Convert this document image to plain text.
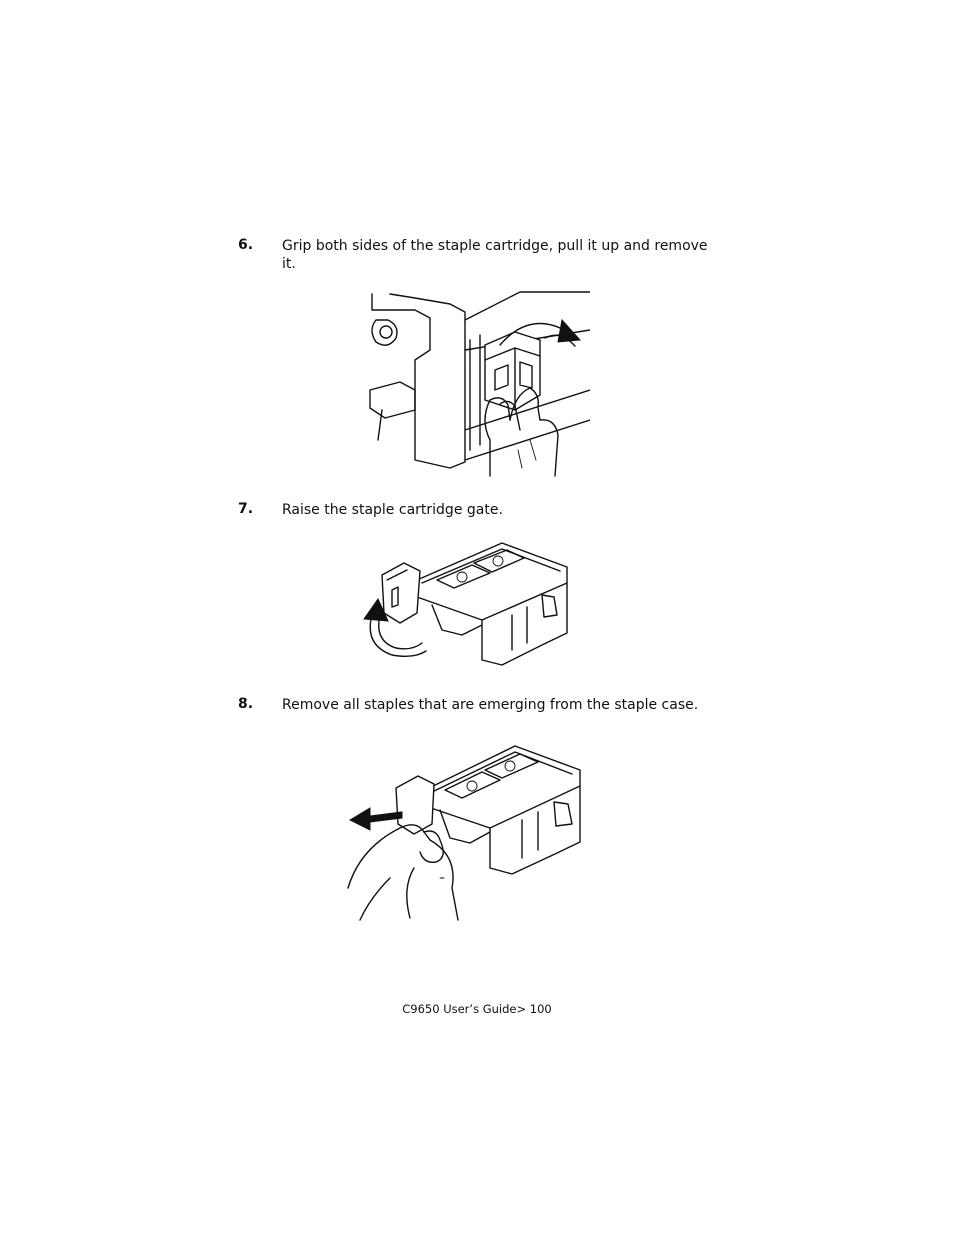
6. Grip both sides of the staple cartridge, pull it up and remove it.
7. Raise the staple cartridge gate.
8. Remove all staples that are emerging from the staple case.
C9650 User’s Guide> 100
